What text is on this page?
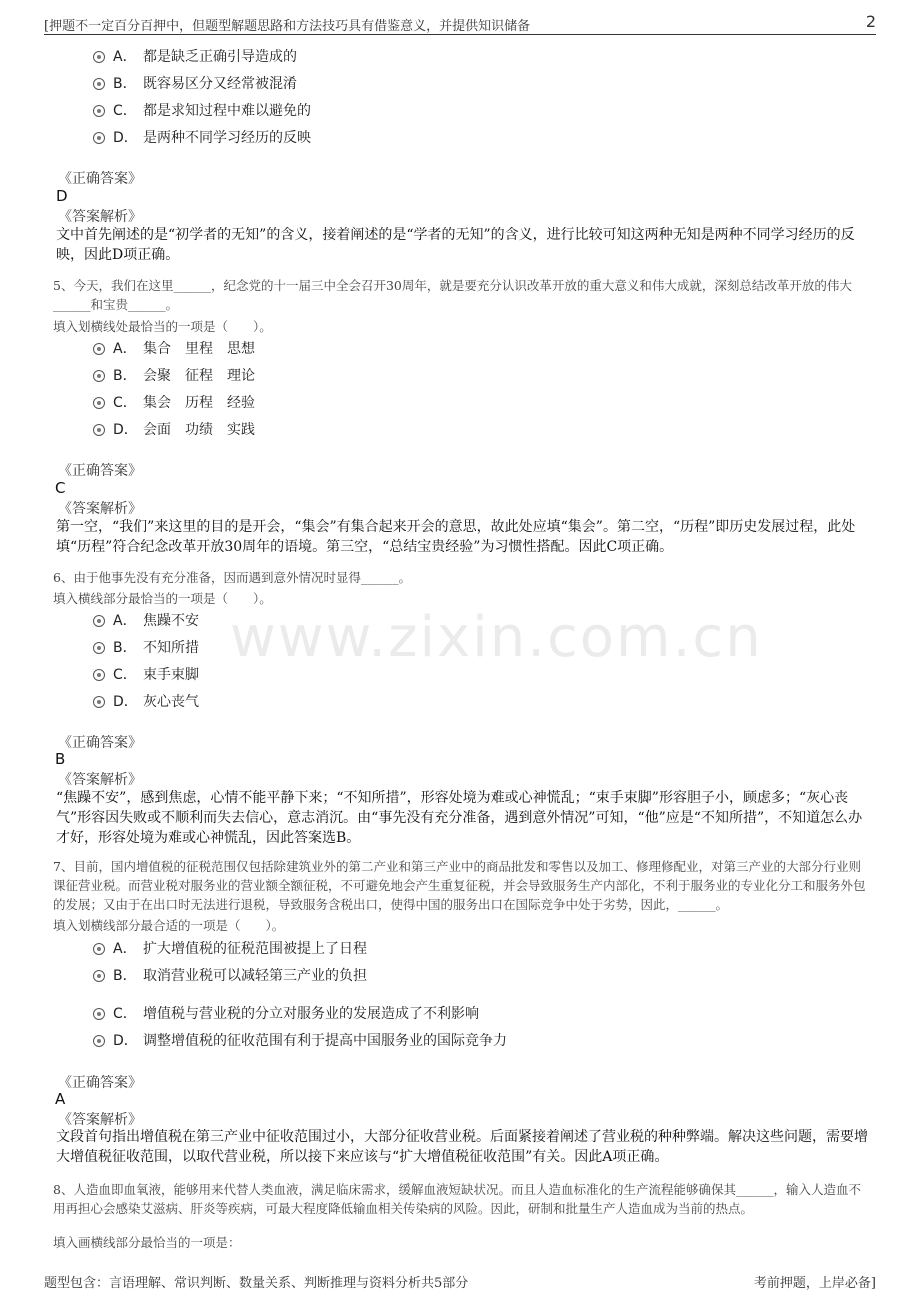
[押题不一定百分百押中，但题型解题思路和方法技巧具有借鉴意义，并提供知识储备	2
A． 都是缺乏正确引导造成的
B． 既容易区分又经常被混淆
C． 都是求知过程中难以避免的
D． 是两种不同学习经历的反映
《正确答案》
D
《答案解析》
文中首先阐述的是“初学者的无知”的含义，接着阐述的是“学者的无知”的含义，进行比较可知这两种无知是两种不同学习经历的反映，因此D项正确。
5、今天，我们在这里______，纪念党的十一届三中全会召开30周年，就是要充分认识改革开放的重大意义和伟大成就，深刻总结改革开放的伟大______和宝贵______。
填入划横线处最恰当的一项是（　　）。
A． 集合　里程　思想
B． 会聚　征程　理论
C． 集会　历程　经验
D． 会面　功绩　实践
《正确答案》
C
《答案解析》
第一空，“我们”来这里的目的是开会，“集会”有集合起来开会的意思，故此处应填“集会”。第二空，“历程”即历史发展过程，此处填“历程”符合纪念改革开放30周年的语境。第三空，“总结宝贵经验”为习惯性搭配。因此C项正确。
6、由于他事先没有充分准备，因而遇到意外情况时显得______。
填入横线部分最恰当的一项是（　　）。
A． 焦躁不安
B． 不知所措
C． 束手束脚
D． 灰心丧气
《正确答案》
B
《答案解析》
“焦躁不安”，感到焦虑，心情不能平静下来；“不知所措”，形容处境为难或心神慌乱；“束手束脚”形容胆子小，顾虑多；“灰心丧气”形容因失败或不顺利而失去信心，意志消沉。由“事先没有充分准备，遇到意外情况”可知，“他”应是“不知所措”，不知道怎么办才好，形容处境为难或心神慌乱，因此答案选B。
7、目前，国内增值税的征税范围仅包括除建筑业外的第二产业和第三产业中的商品批发和零售以及加工、修理修配业，对第三产业的大部分行业则课征营业税。而营业税对服务业的营业额全额征税，不可避免地会产生重复征税，并会导致服务生产内部化，不利于服务业的专业化分工和服务外包的发展；又由于在出口时无法进行退税，导致服务含税出口，使得中国的服务出口在国际竞争中处于劣势，因此，______。
填入划横线部分最合适的一项是（　　）。
A． 扩大增值税的征税范围被提上了日程
B． 取消营业税可以减轻第三产业的负担
C． 增值税与营业税的分立对服务业的发展造成了不利影响
D． 调整增值税的征收范围有利于提高中国服务业的国际竞争力
《正确答案》
A
《答案解析》
文段首句指出增值税在第三产业中征收范围过小，大部分征收营业税。后面紧接着阐述了营业税的种种弊端。解决这些问题，需要增大增值税征收范围，以取代营业税，所以接下来应该与“扩大增值税征收范围”有关。因此A项正确。
8、人造血即血氧液，能够用来代替人类血液，满足临床需求，缓解血液短缺状况。而且人造血标准化的生产流程能够确保其______，输入人造血不用再担心会感染艾滋病、肝炎等疾病，可最大程度降低输血相关传染病的风险。因此，研制和批量生产人造血成为当前的热点。
填入画横线部分最恰当的一项是：
www.zixin.com.cn
题型包含：言语理解、常识判断、数量关系、判断推理与资料分析共5部分	考前押题，上岸必备]
